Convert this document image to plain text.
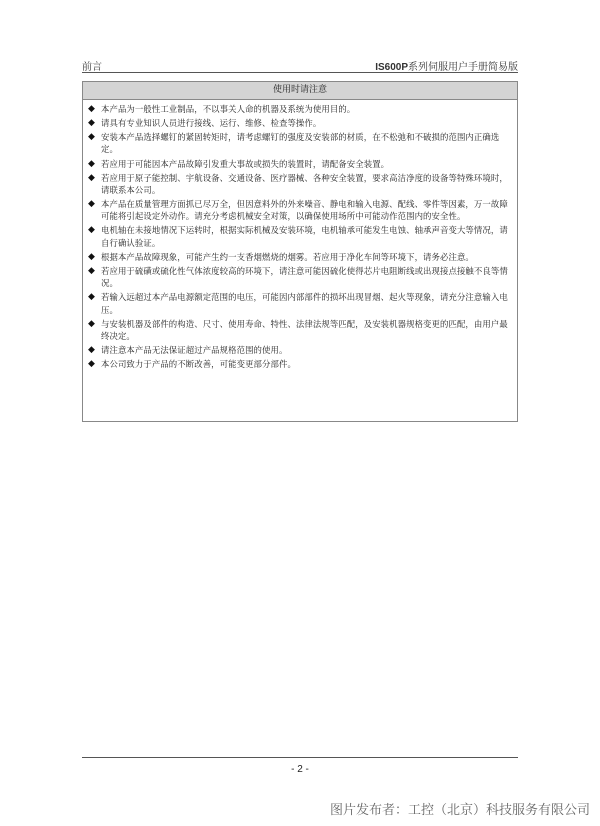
前言	IS600P系列伺服用户手册简易版
使用时请注意
◆ 本产品为一般性工业制品，不以事关人命的机器及系统为使用目的。
◆ 请具有专业知识人员进行接线、运行、维修、检查等操作。
◆ 安装本产品选择螺钉的紧固转矩时，请考虑螺钉的强度及安装部的材质，在不松弛和不破损的范围内正确选定。
◆ 若应用于可能因本产品故障引发重大事故或损失的装置时，请配备安全装置。
◆ 若应用于原子能控制、宇航设备、交通设备、医疗器械、各种安全装置，要求高洁净度的设备等特殊环境时，请联系本公司。
◆ 本产品在质量管理方面抓已尽万全，但因意料外的外来噪音、静电和输入电源、配线、零件等因素，万一故障可能将引起设定外动作。请充分考虑机械安全对策，以确保使用场所中可能动作范围内的安全性。
◆ 电机轴在未接地情况下运转时，根据实际机械及安装环境，电机轴承可能发生电蚀、轴承声音变大等情况，请自行确认验证。
◆ 根据本产品故障现象，可能产生约一支香烟燃烧的烟雾。若应用于净化车间等环境下，请务必注意。
◆ 若应用于硫磺或硫化性气体浓度较高的环境下，请注意可能因硫化使得芯片电阻断线或出现接点接触不良等情况。
◆ 若输入远超过本产品电源额定范围的电压，可能因内部部件的损坏出现冒烟、起火等现象，请充分注意输入电压。
◆ 与安装机器及部件的构造、尺寸、使用寿命、特性、法律法规等匹配，及安装机器规格变更的匹配，由用户最终决定。
◆ 请注意本产品无法保证超过产品规格范围的使用。
◆ 本公司致力于产品的不断改善，可能变更部分部件。
- 2 -
图片发布者：工控（北京）科技服务有限公司
